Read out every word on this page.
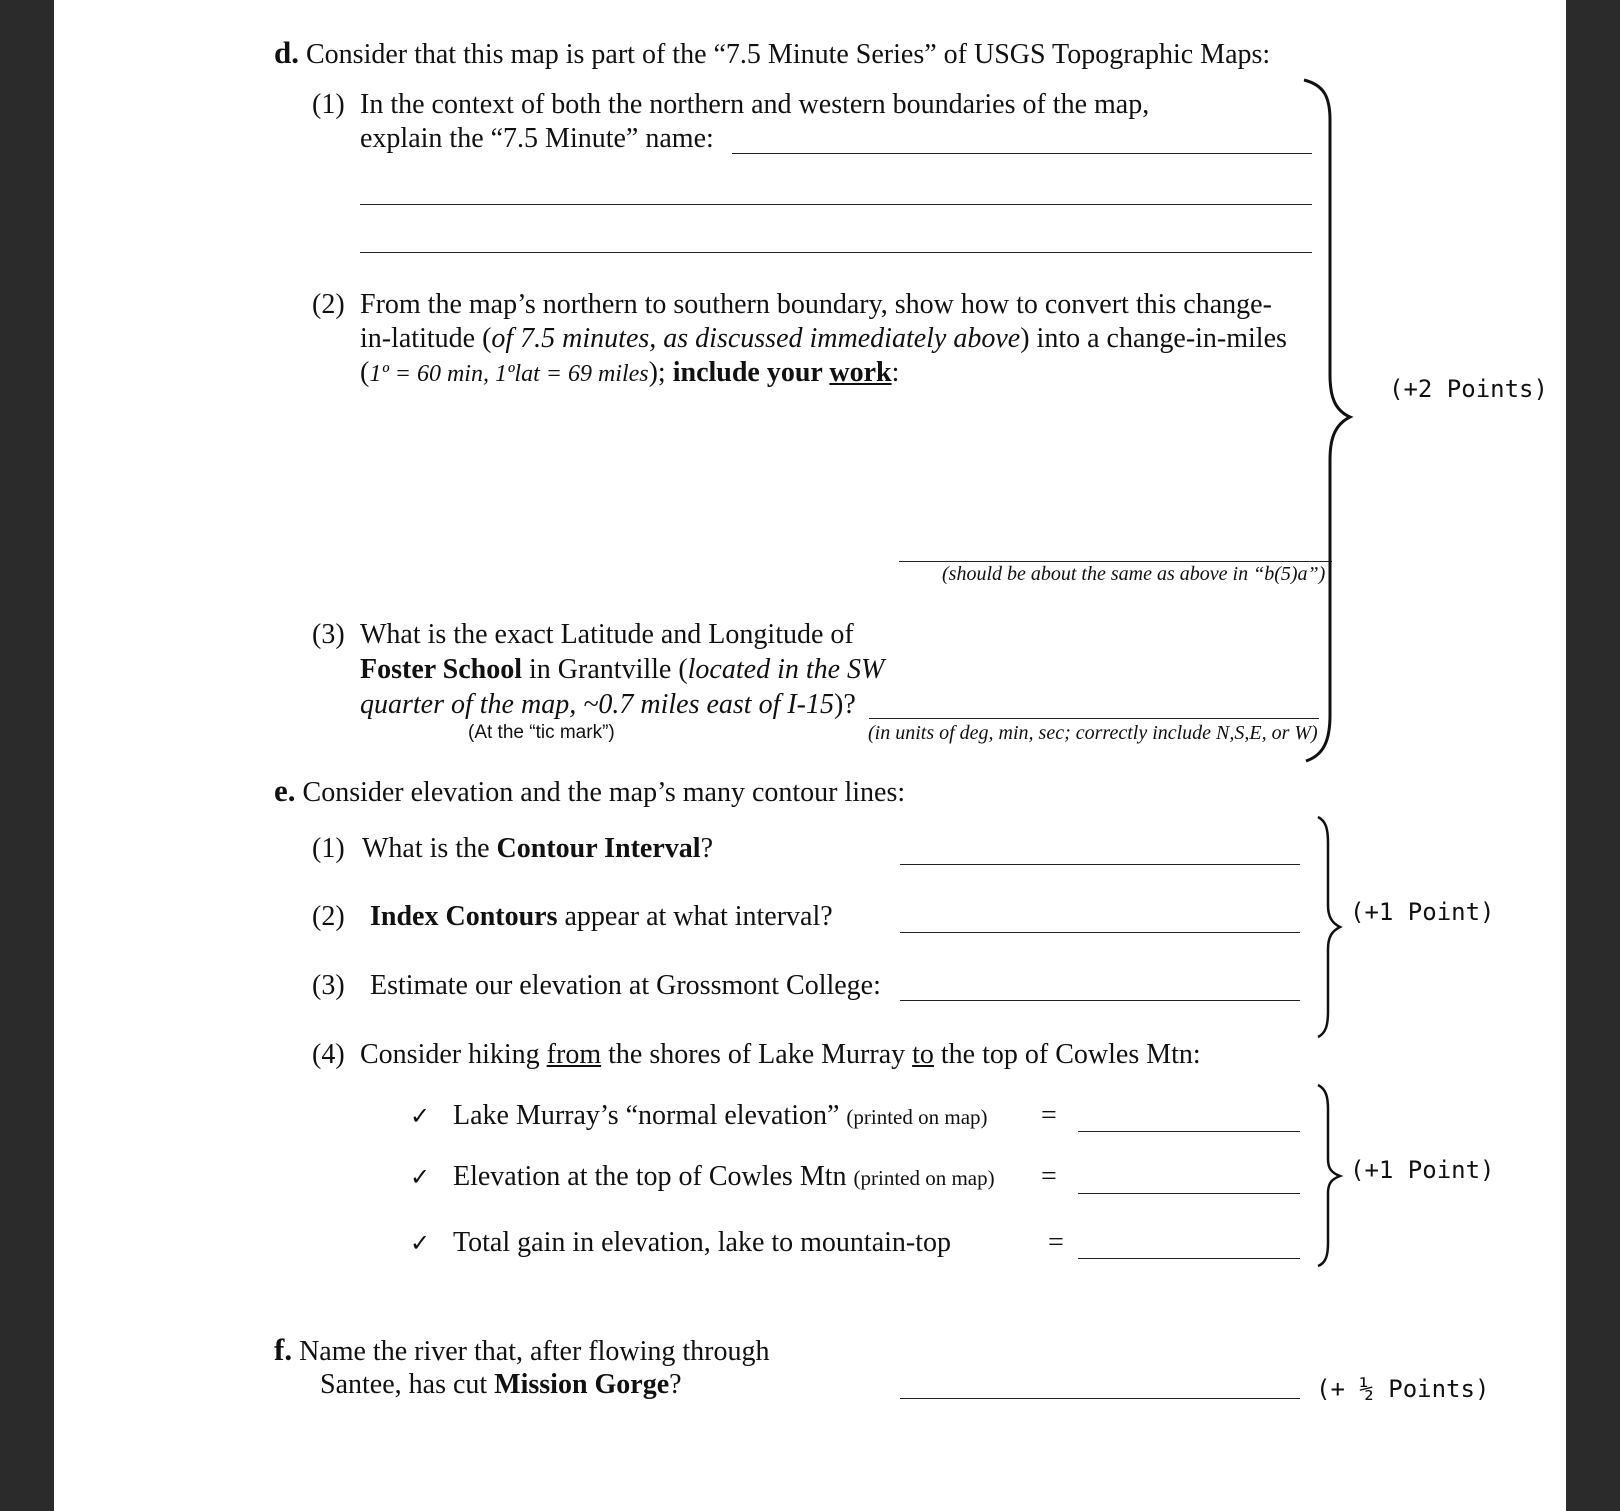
d. Consider that this map is part of the “7.5 Minute Series” of USGS Topographic Maps:
(1) In the context of both the northern and western boundaries of the map,
explain the “7.5 Minute” name:
(2) From the map’s northern to southern boundary, show how to convert this change-
in-latitude (of 7.5 minutes, as discussed immediately above) into a change-in-miles
(1º = 60 min, 1ºlat = 69 miles); include your work:
(should be about the same as above in “b(5)a”)
(3) What is the exact Latitude and Longitude of
Foster School in Grantville (located in the SW
quarter of the map, ~0.7 miles east of I-15)?
(At the “tic mark”)	(in units of deg, min, sec; correctly include N,S,E, or W)
(+2 Points)
e. Consider elevation and the map’s many contour lines:
(1) What is the Contour Interval?
(2) Index Contours appear at what interval?
(3) Estimate our elevation at Grossmont College:
(+1 Point)
(4) Consider hiking from the shores of Lake Murray to the top of Cowles Mtn:
✓ Lake Murray’s “normal elevation” (printed on map) =
✓ Elevation at the top of Cowles Mtn (printed on map) =
✓ Total gain in elevation, lake to mountain-top	=
(+1 Point)
f. Name the river that, after flowing through
Santee, has cut Mission Gorge?	(+ ½ Points)
